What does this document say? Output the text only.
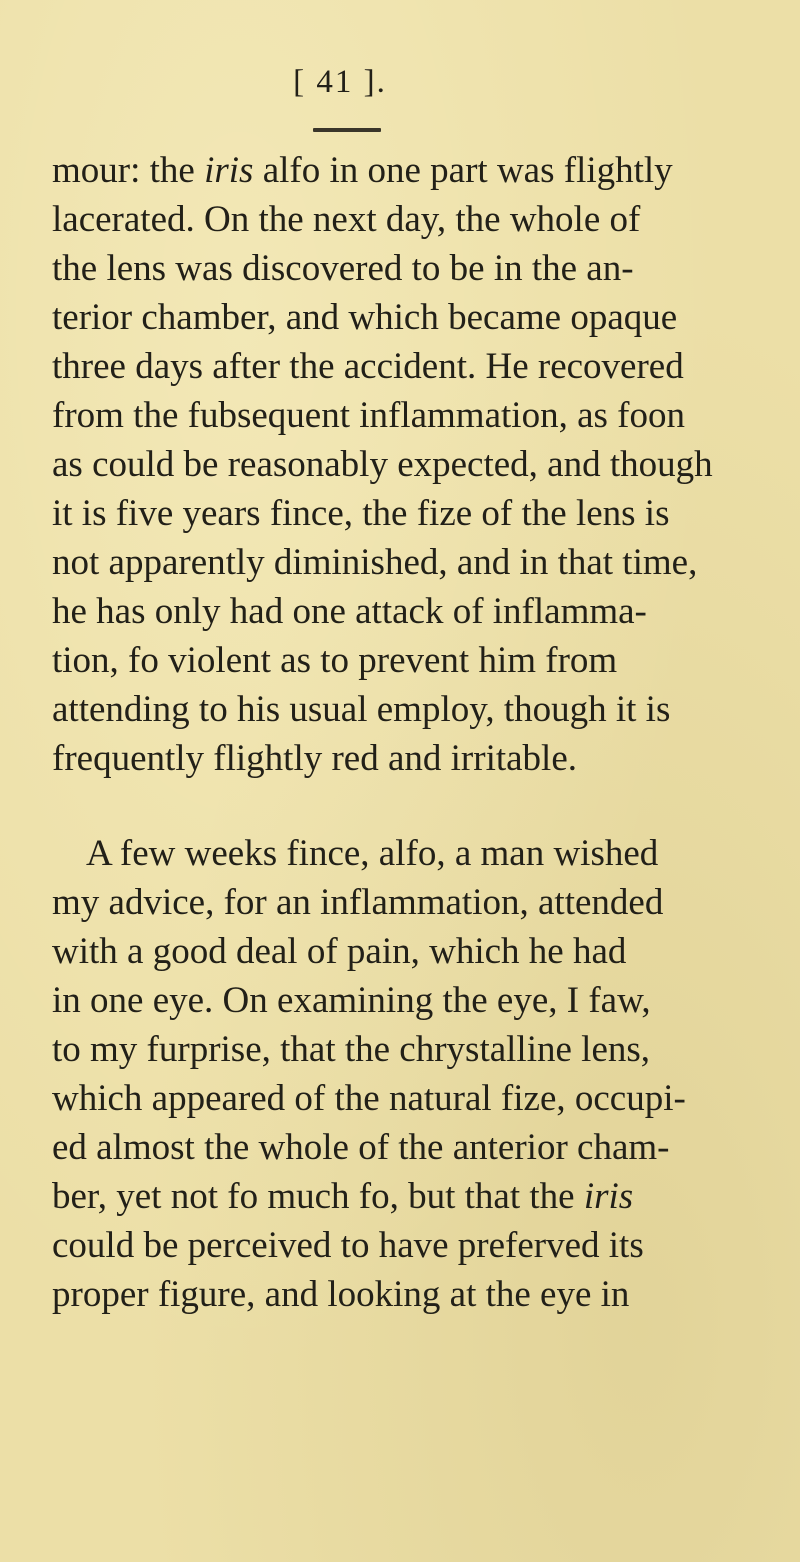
[ 41 ].
mour: the iris alfo in one part was flightly
lacerated. On the next day, the whole of
the lens was discovered to be in the an-
terior chamber, and which became opaque
three days after the accident. He recovered
from the fubsequent inflammation, as foon
as could be reasonably expected, and though
it is five years fince, the fize of the lens is
not apparently diminished, and in that time,
he has only had one attack of inflamma-
tion, fo violent as to prevent him from
attending to his usual employ, though it is
frequently flightly red and irritable.
A few weeks fince, alfo, a man wished
my advice, for an inflammation, attended
with a good deal of pain, which he had
in one eye. On examining the eye, I faw,
to my furprise, that the chrystalline lens,
which appeared of the natural fize, occupi-
ed almost the whole of the anterior cham-
ber, yet not fo much fo, but that the iris
could be perceived to have preferved its
proper figure, and looking at the eye in
